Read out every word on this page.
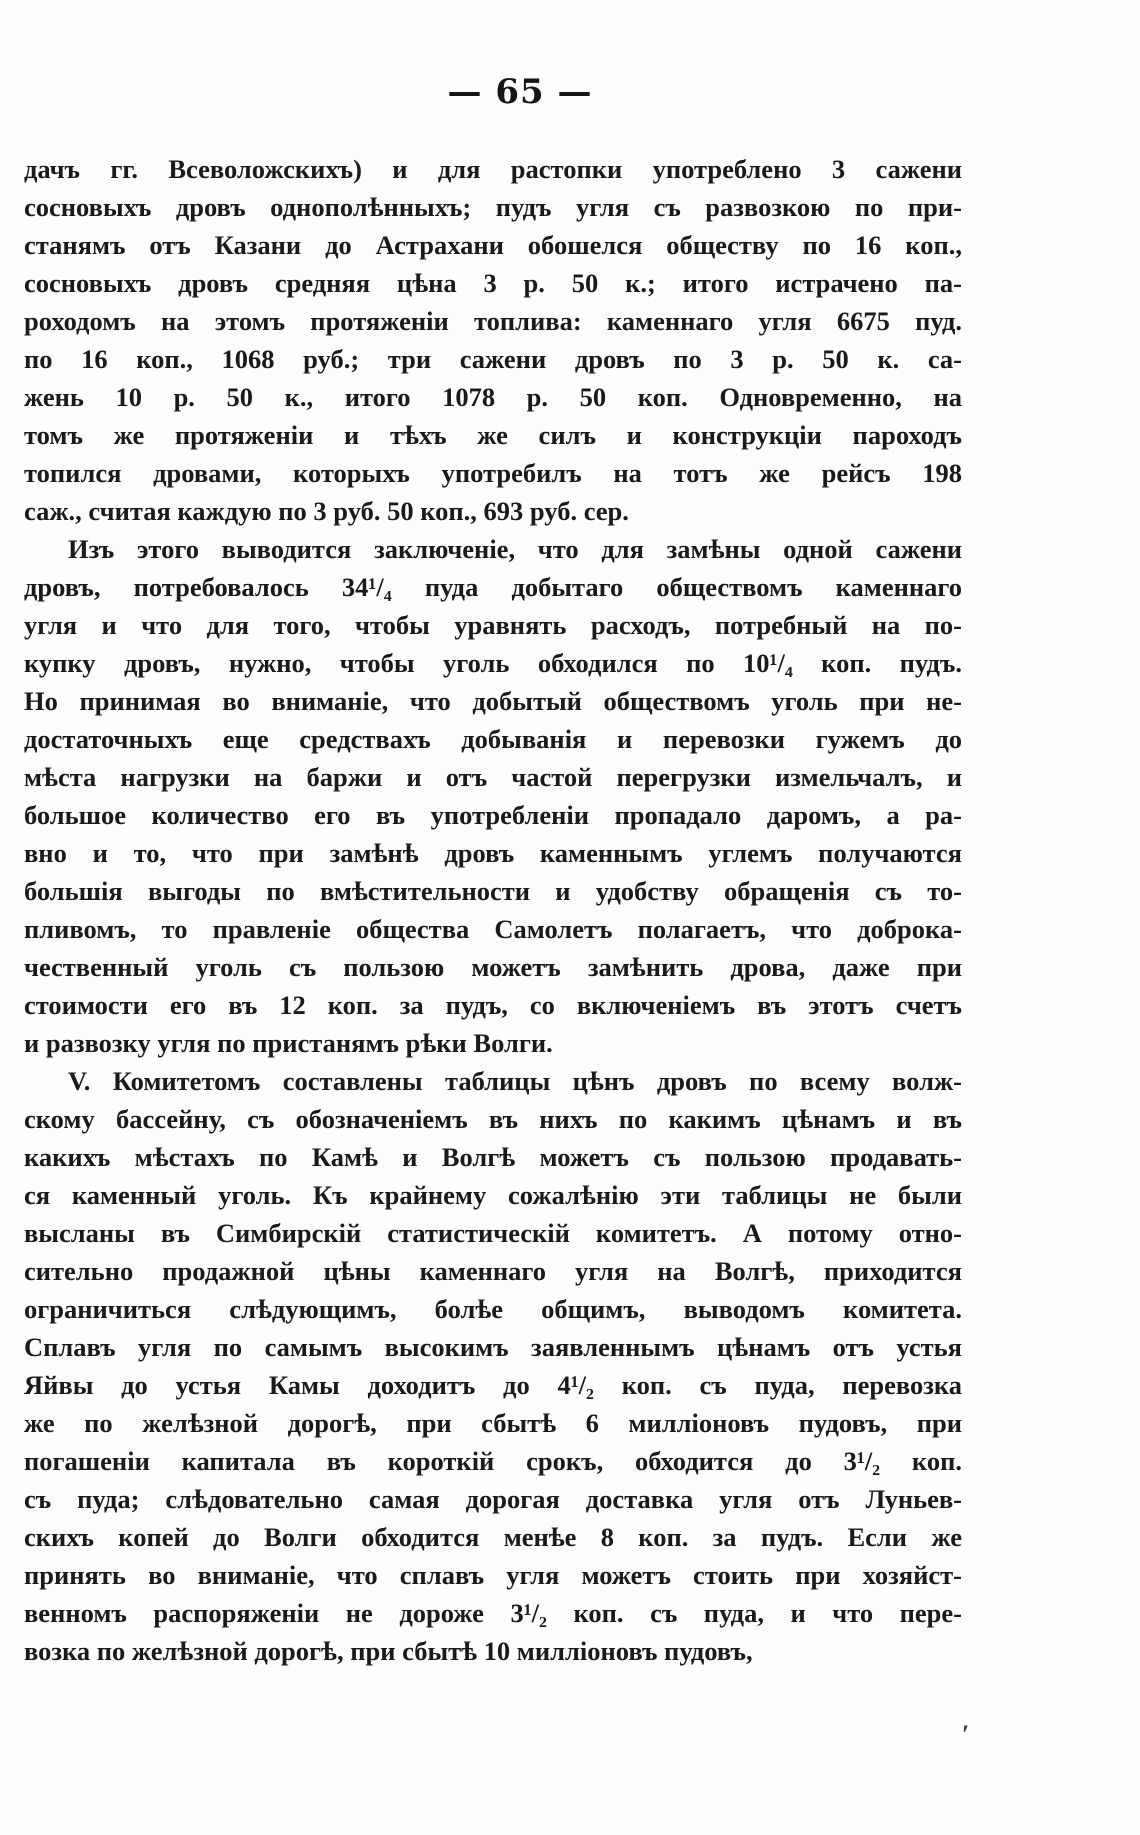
— 65 —
дачъ гг. Всеволожскихъ) и для растопки употреблено 3 сажени
сосновыхъ дровъ однополѣнныхъ; пудъ угля съ развозкою по при-
станямъ отъ Казани до Астрахани обошелся обществу по 16 коп.,
сосновыхъ дровъ средняя цѣна 3 р. 50 к.; итого истрачено па-
роходомъ на этомъ протяженіи топлива: каменнаго угля 6675 пуд.
по 16 коп., 1068 руб.; три сажени дровъ по 3 р. 50 к. са-
жень 10 р. 50 к., итого 1078 р. 50 коп. Одновременно, на
томъ же протяженіи и тѣхъ же силъ и конструкціи пароходъ
топился дровами, которыхъ употребилъ на тотъ же рейсъ 198
саж., считая каждую по 3 руб. 50 коп., 693 руб. сер.
Изъ этого выводится заключеніе, что для замѣны одной сажени
дровъ, потребовалось 34¹/₄ пуда добытаго обществомъ каменнаго
угля и что для того, чтобы уравнять расходъ, потребный на по-
купку дровъ, нужно, чтобы уголь обходился по 10¹/₄ коп. пудъ.
Но принимая во вниманіе, что добытый обществомъ уголь при не-
достаточныхъ еще средствахъ добыванія и перевозки гужемъ до
мѣста нагрузки на баржи и отъ частой перегрузки измельчалъ, и
большое количество его въ употребленіи пропадало даромъ, а ра-
вно и то, что при замѣнѣ дровъ каменнымъ углемъ получаются
большія выгоды по вмѣстительности и удобству обращенія съ то-
пливомъ, то правленіе общества Самолетъ полагаетъ, что доброка-
чественный уголь съ пользою можетъ замѣнить дрова, даже при
стоимости его въ 12 коп. за пудъ, со включеніемъ въ этотъ счетъ
и развозку угля по пристанямъ рѣки Волги.
V. Комитетомъ составлены таблицы цѣнъ дровъ по всему волж-
скому бассейну, съ обозначеніемъ въ нихъ по какимъ цѣнамъ и въ
какихъ мѣстахъ по Камѣ и Волгѣ можетъ съ пользою продавать-
ся каменный уголь. Къ крайнему сожалѣнію эти таблицы не были
высланы въ Симбирскій статистическій комитетъ. А потому отно-
сительно продажной цѣны каменнаго угля на Волгѣ, приходится
ограничиться слѣдующимъ, болѣе общимъ, выводомъ комитета.
Сплавъ угля по самымъ высокимъ заявленнымъ цѣнамъ отъ устья
Яйвы до устья Камы доходитъ до 4¹/₂ коп. съ пуда, перевозка
же по желѣзной дорогѣ, при сбытѣ 6 милліоновъ пудовъ, при
погашеніи капитала въ короткій срокъ, обходится до 3¹/₂ коп.
съ пуда; слѣдовательно самая дорогая доставка угля отъ Луньев-
скихъ копей до Волги обходится менѣе 8 коп. за пудъ. Если же
принять во вниманіе, что сплавъ угля можетъ стоить при хозяйст-
венномъ распоряженіи не дороже 3¹/₂ коп. съ пуда, и что пере-
возка по желѣзной дорогѣ, при сбытѣ 10 милліоновъ пудовъ,
′
